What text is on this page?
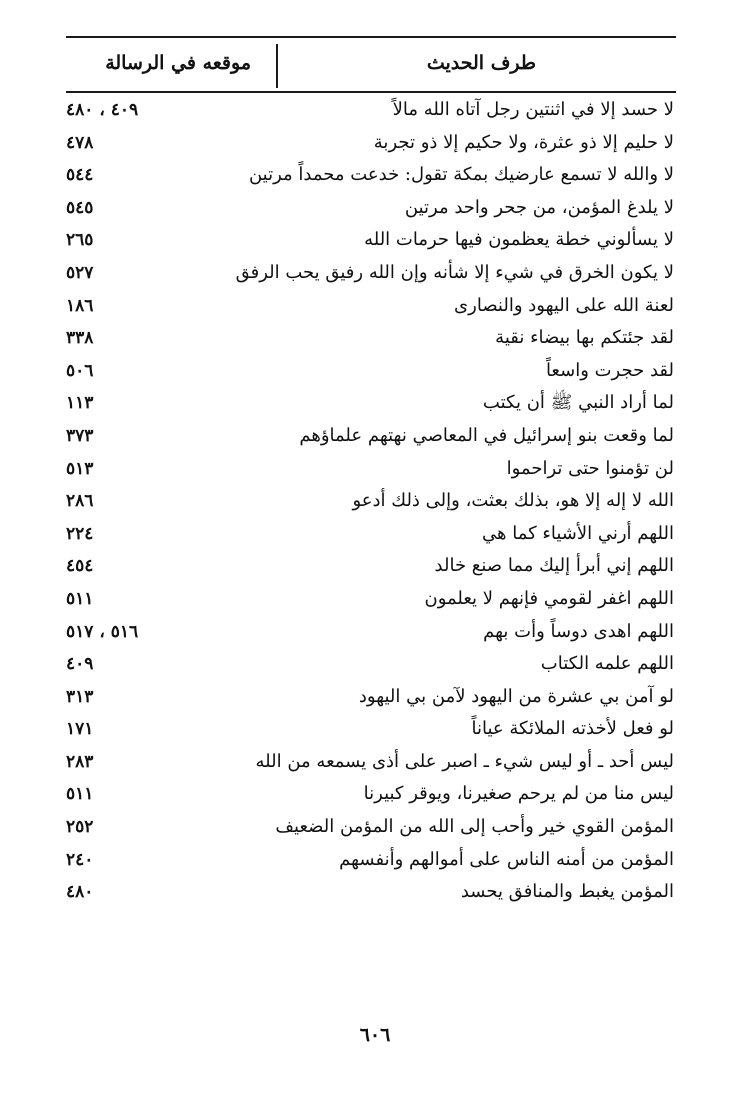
طرف الحديث
موقعه في الرسالة
لا حسد إلا في اثنتين رجل آتاه الله مالاً
٤٠٩ ، ٤٨٠
لا حليم إلا ذو عثرة، ولا حكيم إلا ذو تجربة
٤٧٨
لا والله لا تسمع عارضيك بمكة تقول: خدعت محمداً مرتين
٥٤٤
لا يلدغ المؤمن، من جحر واحد مرتين
٥٤٥
لا يسألوني خطة يعظمون فيها حرمات الله
٢٦٥
لا يكون الخرق في شيء إلا شأنه وإن الله رفيق يحب الرفق
٥٢٧
لعنة الله على اليهود والنصارى
١٨٦
لقد جئتكم بها بيضاء نقية
٣٣٨
لقد حجرت واسعاً
٥٠٦
لما أراد النبي ﷺ أن يكتب
١١٣
لما وقعت بنو إسرائيل في المعاصي نهتهم علماؤهم
٣٧٣
لن تؤمنوا حتى تراحموا
٥١٣
الله لا إله إلا هو، بذلك بعثت، وإلى ذلك أدعو
٢٨٦
اللهم أرني الأشياء كما هي
٢٢٤
اللهم إني أبرأ إليك مما صنع خالد
٤٥٤
اللهم اغفر لقومي فإنهم لا يعلمون
٥١١
اللهم اهدى دوساً وأت بهم
٥١٦ ، ٥١٧
اللهم علمه الكتاب
٤٠٩
لو آمن بي عشرة من اليهود لآمن بي اليهود
٣١٣
لو فعل لأخذته الملائكة عياناً
١٧١
ليس أحد ـ أو ليس شيء ـ اصبر على أذى يسمعه من الله
٢٨٣
ليس منا من لم يرحم صغيرنا، ويوقر كبيرنا
٥١١
المؤمن القوي خير وأحب إلى الله من المؤمن الضعيف
٢٥٢
المؤمن من أمنه الناس على أموالهم وأنفسهم
٢٤٠
المؤمن يغبط والمنافق يحسد
٤٨٠
٦٠٦
